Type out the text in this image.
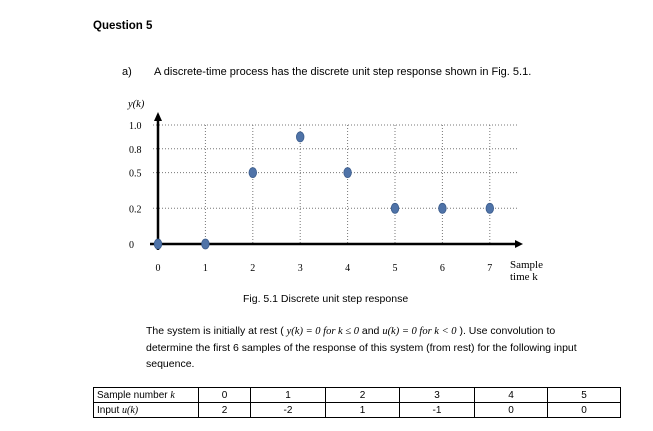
Question 5
a) A discrete-time process has the discrete unit step response shown in Fig. 5.1.
1.0
0.8
0.5
0.2
0
0	1	2	3	4	5	6	7
y(k)
Sample
time k
Fig. 5.1 Discrete unit step response
The system is initially at rest ( y(k) = 0 for k ≤ 0 and u(k) = 0 for k < 0 ). Use convolution to determine the first 6 samples of the response of this system (from rest) for the following input sequence.
Sample number k	0	1	2	3	4	5
Input u(k)	2	-2	1	-1	0	0
